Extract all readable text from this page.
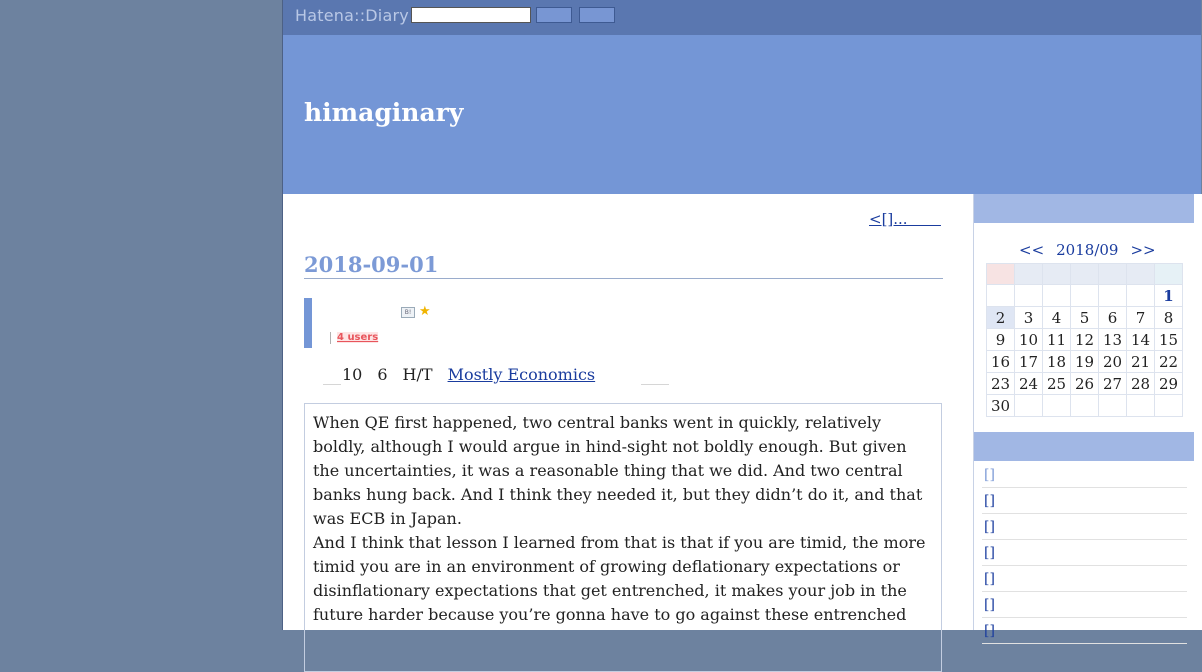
Hatena::Diary
himaginary
<[]...
2018-09-01
B! ★
4 users
10 6 H/T Mostly Economics

When QE first happened, two central banks went in quickly, relatively boldly, although I would argue in hind-sight not boldly enough. But given the uncertainties, it was a reasonable thing that we did. And two central banks hung back. And I think they needed it, but they didn’t do it, and that was ECB in Japan.

And I think that lesson I learned from that is that if you are timid, the more timid you are in an environment of growing deflationary expectations or disinflationary expectations that get entrenched, it makes your job in the future harder because you’re gonna have to go against these entrenched

<< 2018/09 >>

						1
2	3	4	5	6	7	8
9	10	11	12	13	14	15
16	17	18	19	20	21	22
23	24	25	26	27	28	29
30						
[]
[]
[]
[]
[]
[]
[]
